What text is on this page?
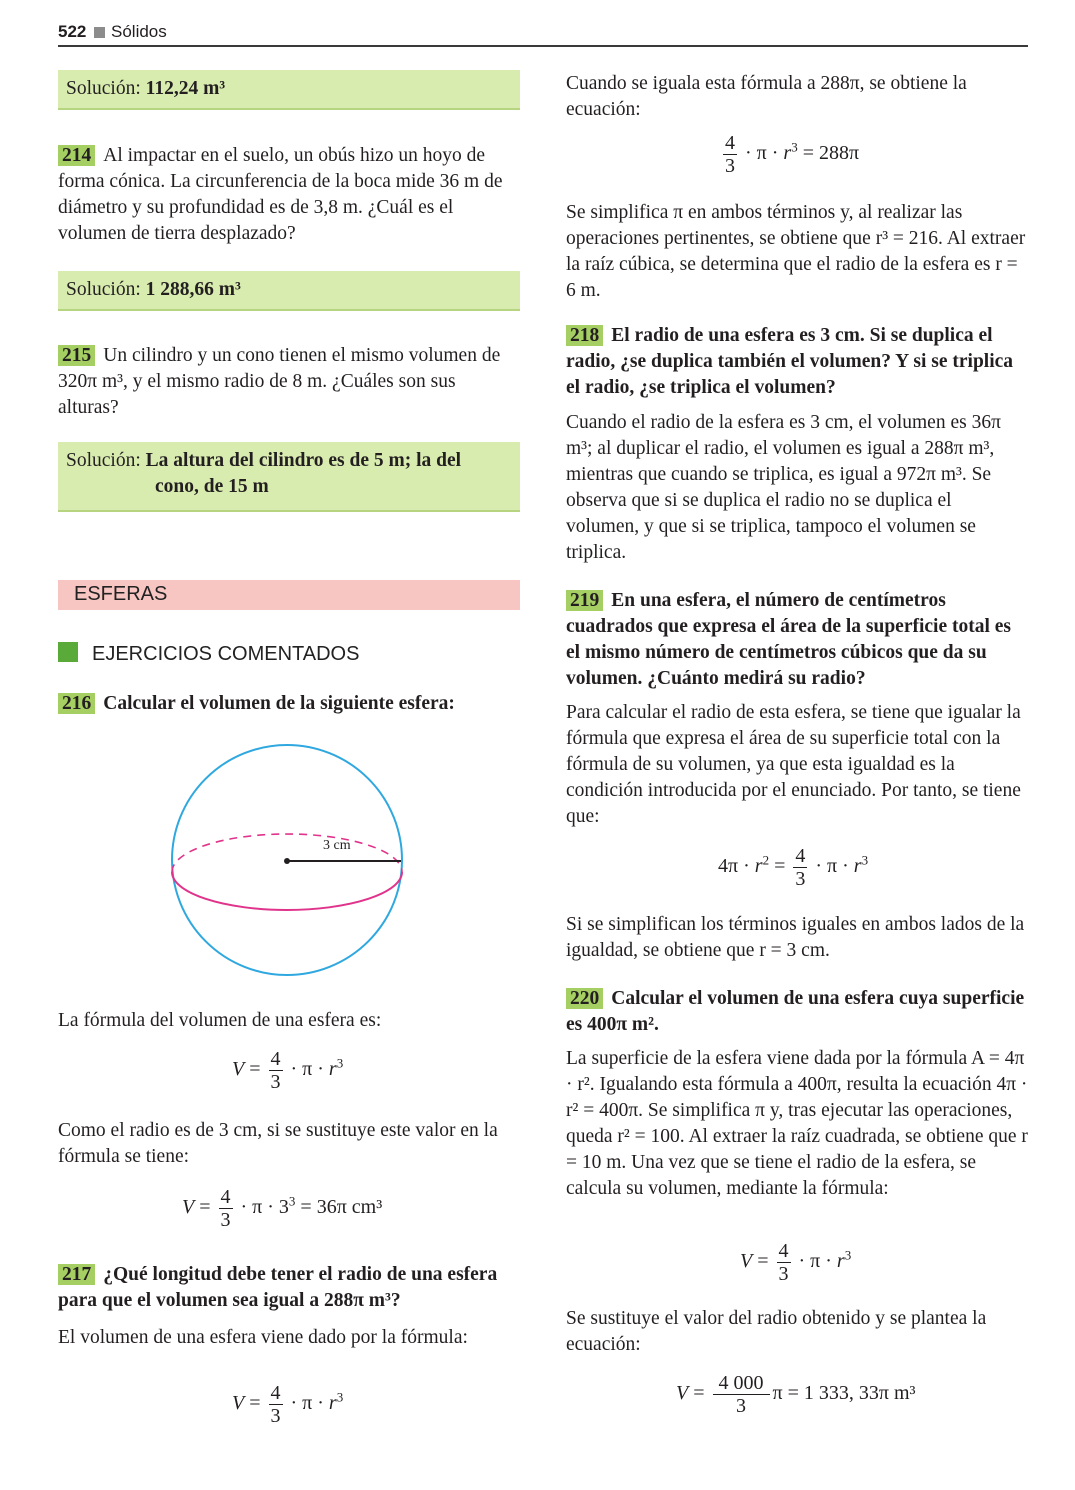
522 Sólidos
Solución: 112,24 m³

214 Al impactar en el suelo, un obús hizo un hoyo de forma cónica. La circunferencia de la boca mide 36 m de diámetro y su profundidad es de 3,8 m. ¿Cuál es el volumen de tierra desplazado?

Solución: 1 288,66 m³

215 Un cilindro y un cono tienen el mismo volumen de 320π m³, y el mismo radio de 8 m. ¿Cuáles son sus alturas?

Solución: La altura del cilindro es de 5 m; la del
cono, de 15 m
ESFERAS
EJERCICIOS COMENTADOS

216 Calcular el volumen de la siguiente esfera:

3 cm

La fórmula del volumen de una esfera es:

$V = \frac{4}{3} \cdot \pi \cdot r^3$

Como el radio es de 3 cm, si se sustituye este valor en la fórmula se tiene:

$V = \frac{4}{3} \cdot \pi \cdot 3^3 = 36\pi$ cm³

217 ¿Qué longitud debe tener el radio de una esfera para que el volumen sea igual a 288π m³?

El volumen de una esfera viene dado por la fórmula:

$V = \frac{4}{3} \cdot \pi \cdot r^3$

Cuando se iguala esta fórmula a 288π, se obtiene la ecuación:

$\frac{4}{3} \cdot \pi \cdot r^3 = 288\pi$

Se simplifica π en ambos términos y, al realizar las operaciones pertinentes, se obtiene que r³ = 216. Al extraer la raíz cúbica, se determina que el radio de la esfera es r = 6 m.

218 El radio de una esfera es 3 cm. Si se duplica el radio, ¿se duplica también el volumen? Y si se triplica el radio, ¿se triplica el volumen?

Cuando el radio de la esfera es 3 cm, el volumen es 36π m³; al duplicar el radio, el volumen es igual a 288π m³, mientras que cuando se triplica, es igual a 972π m³. Se observa que si se duplica el radio no se duplica el volumen, y que si se triplica, tampoco el volumen se triplica.

219 En una esfera, el número de centímetros cuadrados que expresa el área de la superficie total es el mismo número de centímetros cúbicos que da su volumen. ¿Cuánto medirá su radio?

Para calcular el radio de esta esfera, se tiene que igualar la fórmula que expresa el área de su superficie total con la fórmula de su volumen, ya que esta igualdad es la condición introducida por el enunciado. Por tanto, se tiene que:

$4\pi \cdot r^2 = \frac{4}{3} \cdot \pi \cdot r^3$

Si se simplifican los términos iguales en ambos lados de la igualdad, se obtiene que r = 3 cm.

220 Calcular el volumen de una esfera cuya superficie es 400π m².

La superficie de la esfera viene dada por la fórmula A = 4π · r². Igualando esta fórmula a 400π, resulta la ecuación 4π · r² = 400π. Se simplifica π y, tras ejecutar las operaciones, queda r² = 100. Al extraer la raíz cuadrada, se obtiene que r = 10 m. Una vez que se tiene el radio de la esfera, se calcula su volumen, mediante la fórmula:

$V = \frac{4}{3} \cdot \pi \cdot r^3$

Se sustituye el valor del radio obtenido y se plantea la ecuación:

$V = \frac{4 000}{3}$ π = 1 333, 33π m³
